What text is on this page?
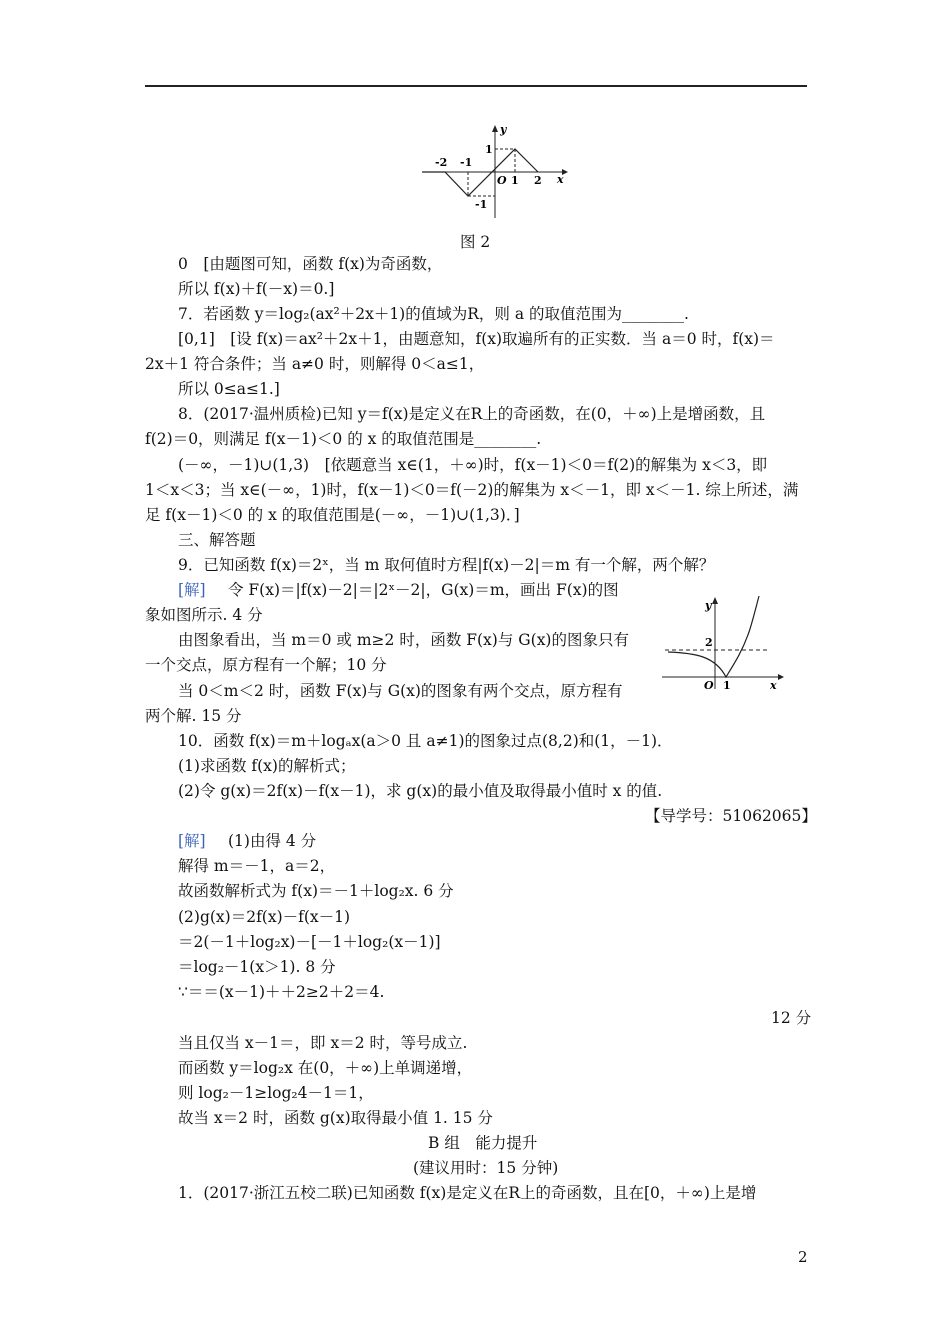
y
x
O
1
-1
-2 -1
1 2
图 2
0　[由题图可知，函数 f(x)为奇函数，
所以 f(x)＋f(－x)＝0.]
7．若函数 y＝log₂(ax²＋2x＋1)的值域为R，则 a 的取值范围为________.
[0,1]　[设 f(x)＝ax²＋2x＋1，由题意知，f(x)取遍所有的正实数．当 a＝0 时，f(x)＝
2x＋1 符合条件；当 a≠0 时，则解得 0＜a≤1，
所以 0≤a≤1.]
8．(2017·温州质检)已知 y＝f(x)是定义在R上的奇函数，在(0，＋∞)上是增函数，且
f(2)＝0，则满足 f(x－1)＜0 的 x 的取值范围是________.
(－∞，－1)∪(1,3)　[依题意当 x∈(1，＋∞)时，f(x－1)＜0＝f(2)的解集为 x＜3，即
1＜x＜3；当 x∈(－∞，1)时，f(x－1)＜0＝f(－2)的解集为 x＜－1，即 x＜－1. 综上所述，满
足 f(x－1)＜0 的 x 的取值范围是(－∞，－1)∪(1,3)．]
三、解答题
9．已知函数 f(x)＝2ˣ，当 m 取何值时方程|f(x)－2|＝m 有一个解，两个解？
[解] 令 F(x)＝|f(x)－2|＝|2ˣ－2|，G(x)＝m，画出 F(x)的图
象如图所示. 4 分
由图象看出，当 m＝0 或 m≥2 时，函数 F(x)与 G(x)的图象只有
一个交点，原方程有一个解；10 分
当 0＜m＜2 时，函数 F(x)与 G(x)的图象有两个交点，原方程有
两个解. 15 分
y
2
O 1	x
10．函数 f(x)＝m＋logₐx(a＞0 且 a≠1)的图象过点(8,2)和(1，－1)．
(1)求函数 f(x)的解析式；
(2)令 g(x)＝2f(x)－f(x－1)，求 g(x)的最小值及取得最小值时 x 的值.
【导学号：51062065】
[解] (1)由得 4 分
解得 m＝－1，a＝2，
故函数解析式为 f(x)＝－1＋log₂x. 6 分
(2)g(x)＝2f(x)－f(x－1)
＝2(－1＋log₂x)－[－1＋log₂(x－1)]
＝log₂－1(x＞1). 8 分
∵＝＝(x－1)＋＋2≥2＋2＝4.
12 分
当且仅当 x－1＝，即 x＝2 时，等号成立.
而函数 y＝log₂x 在(0，＋∞)上单调递增，
则 log₂－1≥log₂4－1＝1，
故当 x＝2 时，函数 g(x)取得最小值 1. 15 分
B 组　能力提升
(建议用时：15 分钟)
1．(2017·浙江五校二联)已知函数 f(x)是定义在R上的奇函数，且在[0，＋∞)上是增
2
